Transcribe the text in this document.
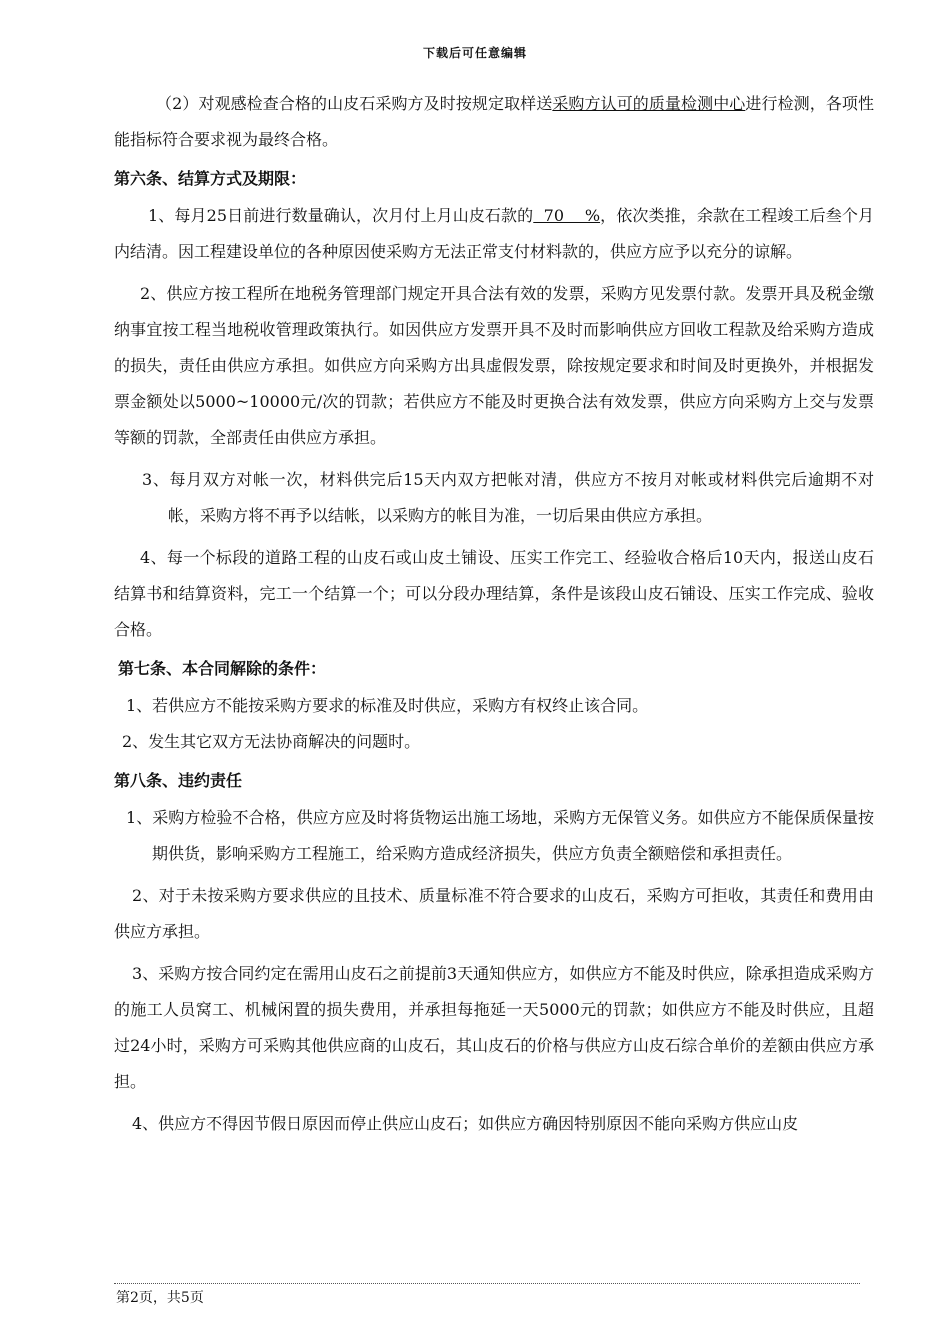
下载后可任意编辑

（2）对观感检查合格的山皮石采购方及时按规定取样送采购方认可的质量检测中心进行检测，各项性能指标符合要求视为最终合格。

第六条、结算方式及期限：

1、每月25日前进行数量确认，次月付上月山皮石款的  70    %，依次类推，余款在工程竣工后叁个月内结清。因工程建设单位的各种原因使采购方无法正常支付材料款的，供应方应予以充分的谅解。

2、供应方按工程所在地税务管理部门规定开具合法有效的发票，采购方见发票付款。发票开具及税金缴纳事宜按工程当地税收管理政策执行。如因供应方发票开具不及时而影响供应方回收工程款及给采购方造成的损失，责任由供应方承担。如供应方向采购方出具虚假发票，除按规定要求和时间及时更换外，并根据发票金额处以5000~10000元/次的罚款；若供应方不能及时更换合法有效发票，供应方向采购方上交与发票等额的罚款，全部责任由供应方承担。

3、每月双方对帐一次，材料供完后15天内双方把帐对清，供应方不按月对帐或材料供完后逾期不对帐，采购方将不再予以结帐，以采购方的帐目为准，一切后果由供应方承担。

4、每一个标段的道路工程的山皮石或山皮土铺设、压实工作完工、经验收合格后10天内，报送山皮石结算书和结算资料，完工一个结算一个；可以分段办理结算，条件是该段山皮石铺设、压实工作完成、验收合格。

第七条、本合同解除的条件：

1、若供应方不能按采购方要求的标准及时供应，采购方有权终止该合同。

2、发生其它双方无法协商解决的问题时。

第八条、违约责任

1、采购方检验不合格，供应方应及时将货物运出施工场地，采购方无保管义务。如供应方不能保质保量按期供货，影响采购方工程施工，给采购方造成经济损失，供应方负责全额赔偿和承担责任。

2、对于未按采购方要求供应的且技术、质量标准不符合要求的山皮石，采购方可拒收，其责任和费用由供应方承担。

3、采购方按合同约定在需用山皮石之前提前3天通知供应方，如供应方不能及时供应，除承担造成采购方的施工人员窝工、机械闲置的损失费用，并承担每拖延一天5000元的罚款；如供应方不能及时供应，且超过24小时，采购方可采购其他供应商的山皮石，其山皮石的价格与供应方山皮石综合单价的差额由供应方承担。

4、供应方不得因节假日原因而停止供应山皮石；如供应方确因特别原因不能向采购方供应山皮

第2页，共5页
